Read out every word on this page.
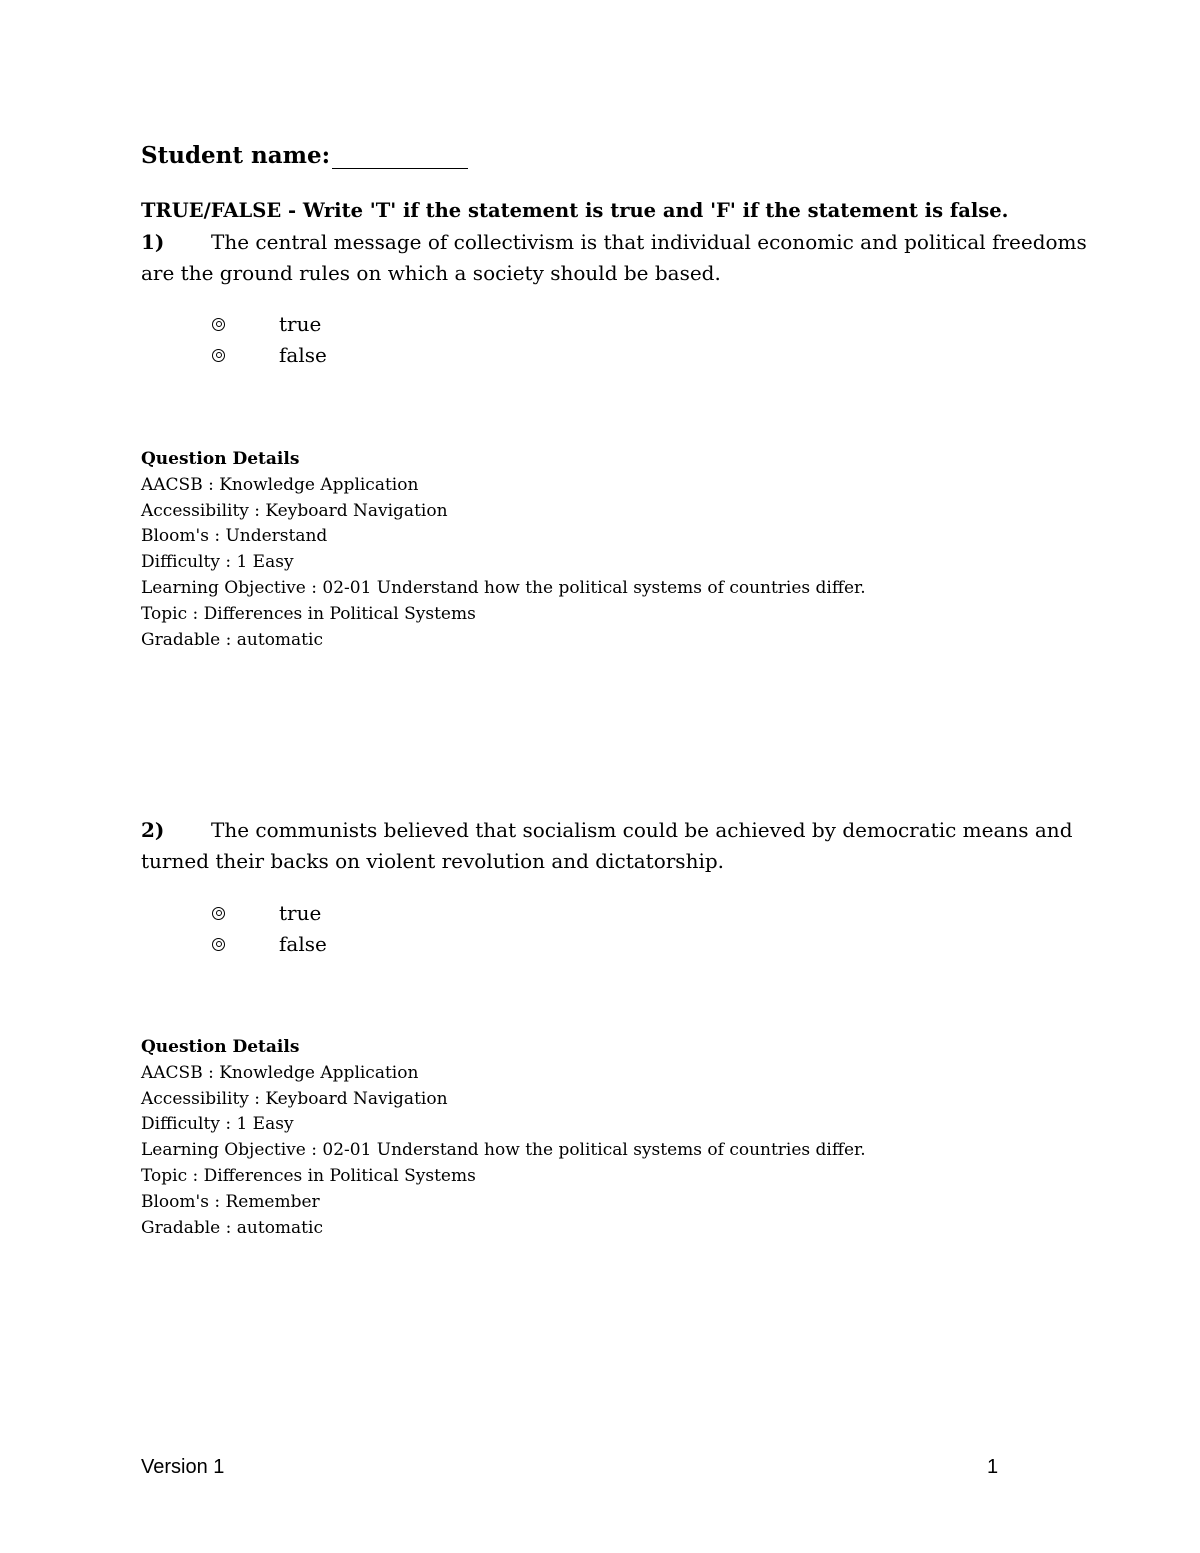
Student name:
TRUE/FALSE - Write 'T' if the statement is true and 'F' if the statement is false.
1) The central message of collectivism is that individual economic and political freedoms
are the ground rules on which a society should be based.
true
false
Question Details
AACSB : Knowledge Application
Accessibility : Keyboard Navigation
Bloom's : Understand
Difficulty : 1 Easy
Learning Objective : 02-01 Understand how the political systems of countries differ.
Topic : Differences in Political Systems
Gradable : automatic
2) The communists believed that socialism could be achieved by democratic means and
turned their backs on violent revolution and dictatorship.
true
false
Question Details
AACSB : Knowledge Application
Accessibility : Keyboard Navigation
Difficulty : 1 Easy
Learning Objective : 02-01 Understand how the political systems of countries differ.
Topic : Differences in Political Systems
Bloom's : Remember
Gradable : automatic
Version 1	1
